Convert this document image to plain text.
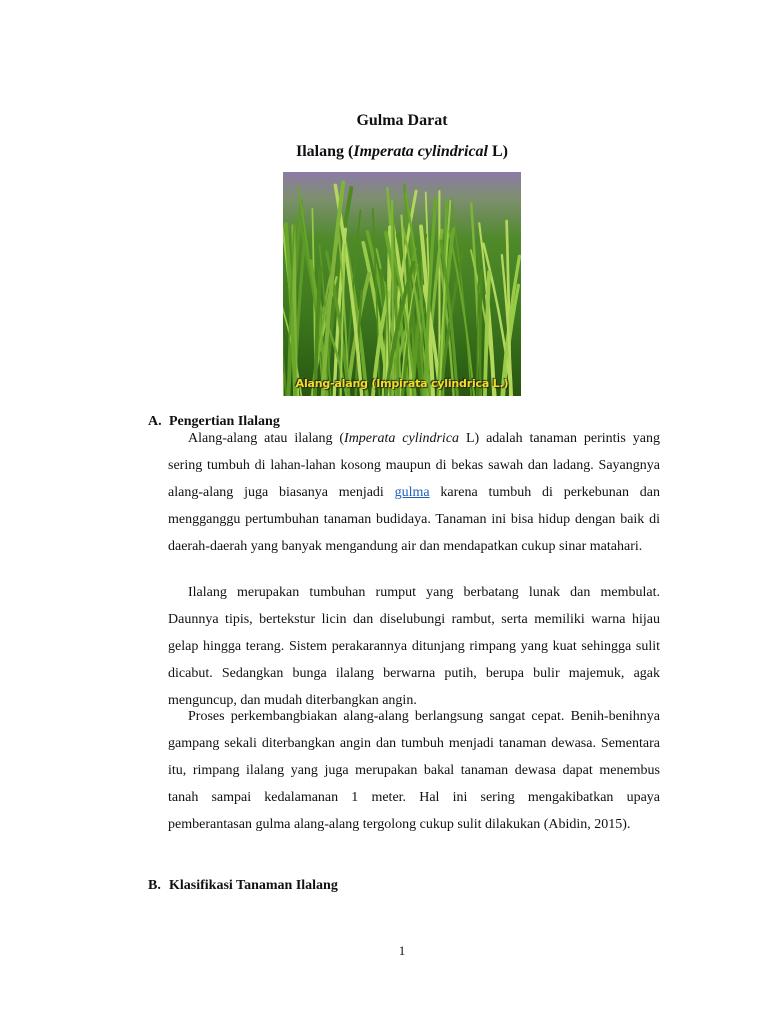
Gulma Darat
Ilalang (Imperata cylindrical L)
Alang-alang (Impirata cylindrica L.)
A. Pengertian Ilalang

Alang-alang atau ilalang (Imperata cylindrica L) adalah tanaman perintis yang sering tumbuh di lahan-lahan kosong maupun di bekas sawah dan ladang. Sayangnya alang-alang juga biasanya menjadi gulma karena tumbuh di perkebunan dan mengganggu pertumbuhan tanaman budidaya. Tanaman ini bisa hidup dengan baik di daerah-daerah yang banyak mengandung air dan mendapatkan cukup sinar matahari.

Ilalang merupakan tumbuhan rumput yang berbatang lunak dan membulat. Daunnya tipis, bertekstur licin dan diselubungi rambut, serta memiliki warna hijau gelap hingga terang. Sistem perakarannya ditunjang rimpang yang kuat sehingga sulit dicabut. Sedangkan bunga ilalang berwarna putih, berupa bulir majemuk, agak menguncup, dan mudah diterbangkan angin.

Proses perkembangbiakan alang-alang berlangsung sangat cepat. Benih-benihnya gampang sekali diterbangkan angin dan tumbuh menjadi tanaman dewasa. Sementara itu, rimpang ilalang yang juga merupakan bakal tanaman dewasa dapat menembus tanah sampai kedalamanan 1 meter. Hal ini sering mengakibatkan upaya pemberantasan gulma alang-alang tergolong cukup sulit dilakukan (Abidin, 2015).

B. Klasifikasi Tanaman Ilalang
1
